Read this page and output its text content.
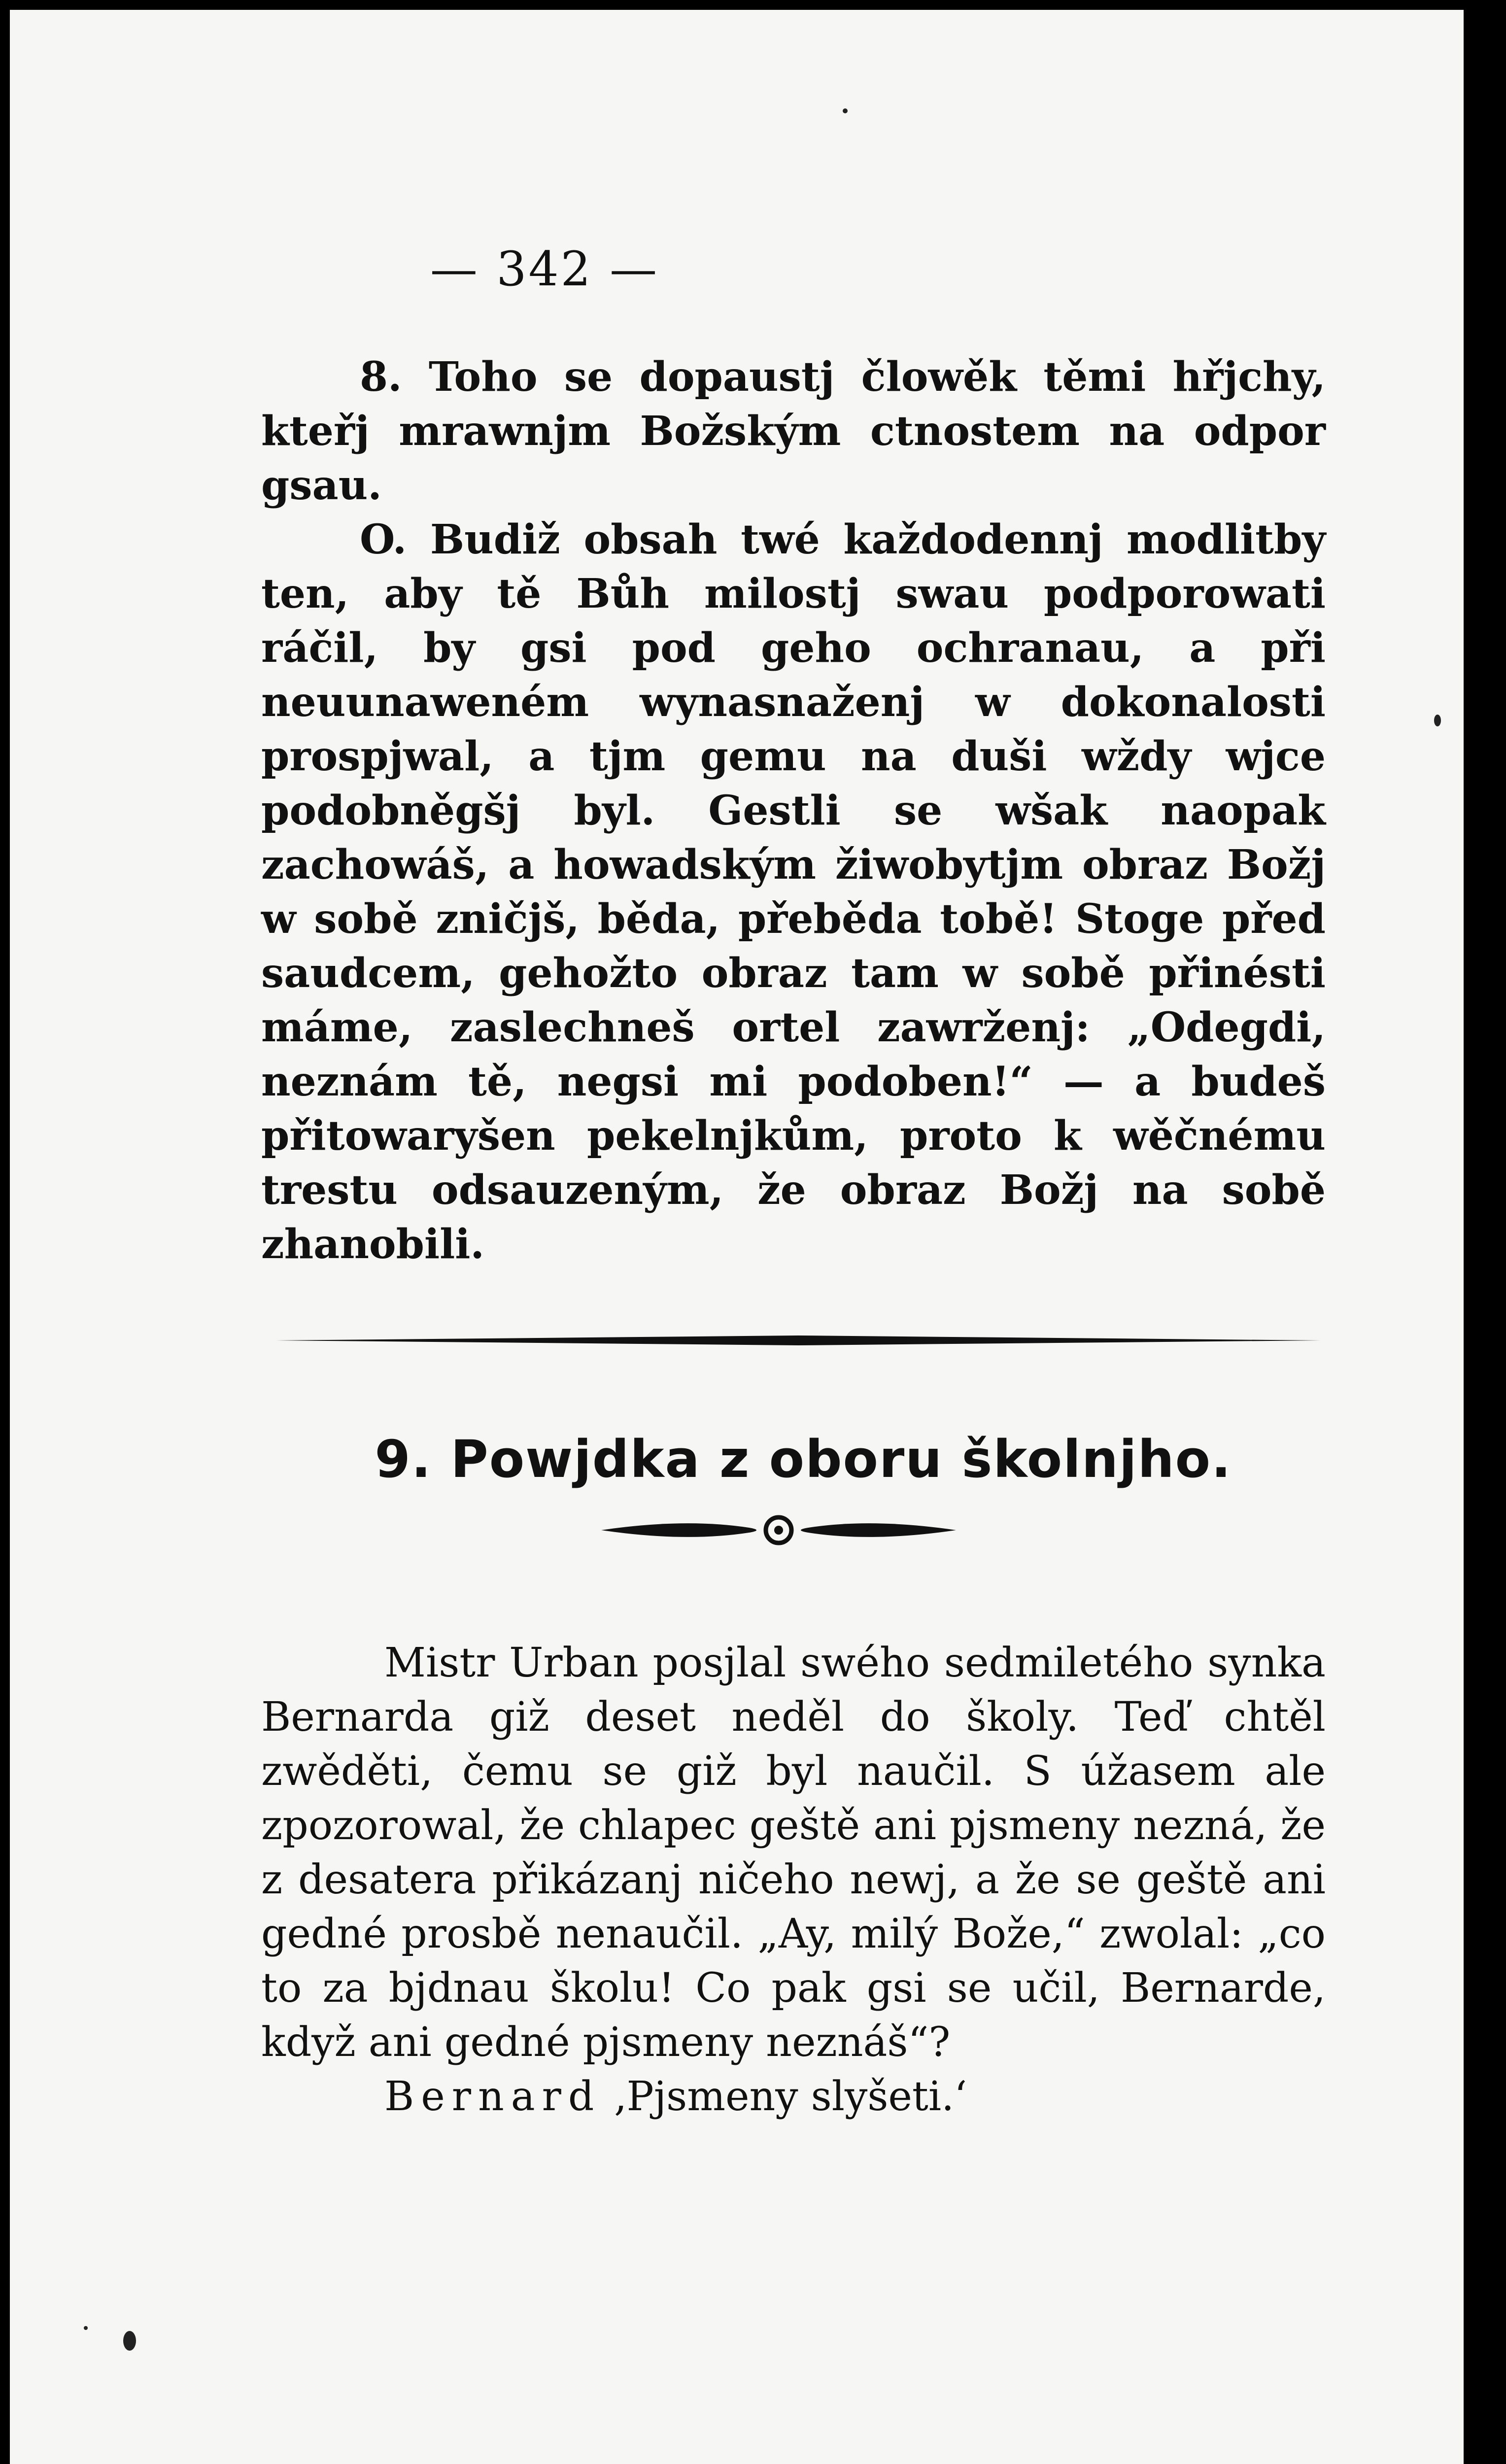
— 342 —

8. Toho se dopaustj člowěk těmi hřjchy, kteřj mrawnjm Božským ctnostem na odpor gsau.

O. Budiž obsah twé každodennj modlitby ten, aby tě Bůh milostj swau podporowati ráčil, by gsi pod geho ochranau, a při neuunaweném wynasnaženj w dokonalosti prospjwal, a tjm gemu na duši wždy wjce podobněgšj byl. Gestli se wšak naopak zachowáš, a howadským žiwobytjm obraz Božj w sobě zničjš, běda, přeběda tobě! Stoge před saudcem, gehožto obraz tam w sobě přinésti máme, zaslechneš ortel zawrženj: „Odegdi, neznám tě, negsi mi podoben!“ — a budeš přitowaryšen pekelnjkům, proto k wěčnému trestu odsauzeným, že obraz Božj na sobě zhanobili.

9. Powjdka z oboru školnjho.

Mistr Urban posjlal swého sedmiletého synka Bernarda giž deset neděl do školy. Teď chtěl zwěděti, čemu se giž byl naučil. S úžasem ale zpozorowal, že chlapec geště ani pjsmeny nezná, že z desatera přikázanj ničeho newj, a že se geště ani gedné prosbě nenaučil. „Ay, milý Bože,“ zwolal: „co to za bjdnau školu! Co pak gsi se učil, Bernarde, když ani gedné pjsmeny neznáš“?

Bernard ‚Pjsmeny slyšeti.‘
